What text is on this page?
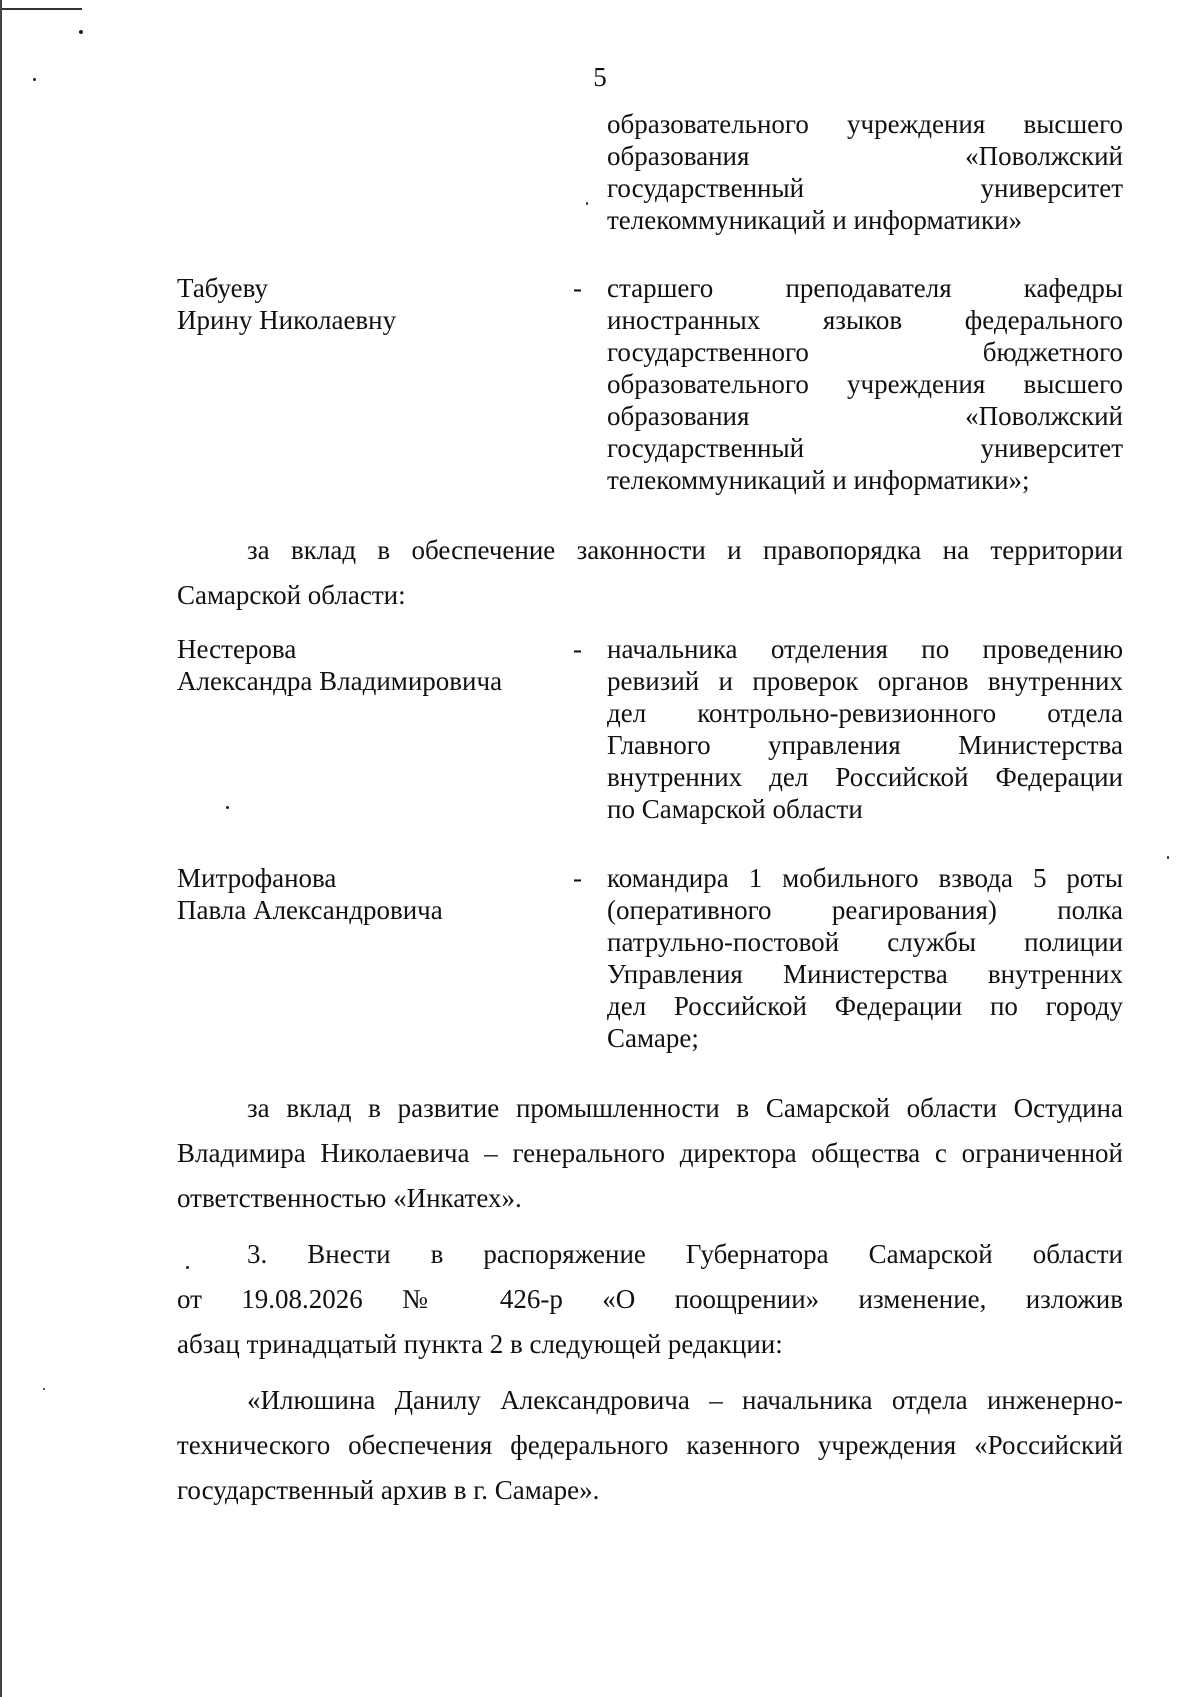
5
образовательного учреждения высшего
образования «Поволжский
государственный университет
телекоммуникаций и информатики»
Табуеву
Ирину Николаевну
- старшего преподавателя кафедры
иностранных языков федерального
государственного бюджетного
образовательного учреждения высшего
образования «Поволжский
государственный университет
телекоммуникаций и информатики»;
за вклад в обеспечение законности и правопорядка на территории
Самарской области:
Нестерова
Александра Владимировича
- начальника отделения по проведению
ревизий и проверок органов внутренних
дел контрольно-ревизионного отдела
Главного управления Министерства
внутренних дел Российской Федерации
по Самарской области
Митрофанова
Павла Александровича
- командира 1 мобильного взвода 5 роты
(оперативного реагирования) полка
патрульно-постовой службы полиции
Управления Министерства внутренних
дел Российской Федерации по городу
Самаре;
за вклад в развитие промышленности в Самарской области Остудина
Владимира Николаевича – генерального директора общества с ограниченной
ответственностью «Инкатех».
3. Внести в распоряжение Губернатора Самарской области
от 19.08.2026 № 426-р «О поощрении» изменение, изложив
абзац тринадцатый пункта 2 в следующей редакции:
«Илюшина Данилу Александровича – начальника отдела инженерно-
технического обеспечения федерального казенного учреждения «Российский
государственный архив в г. Самаре».
